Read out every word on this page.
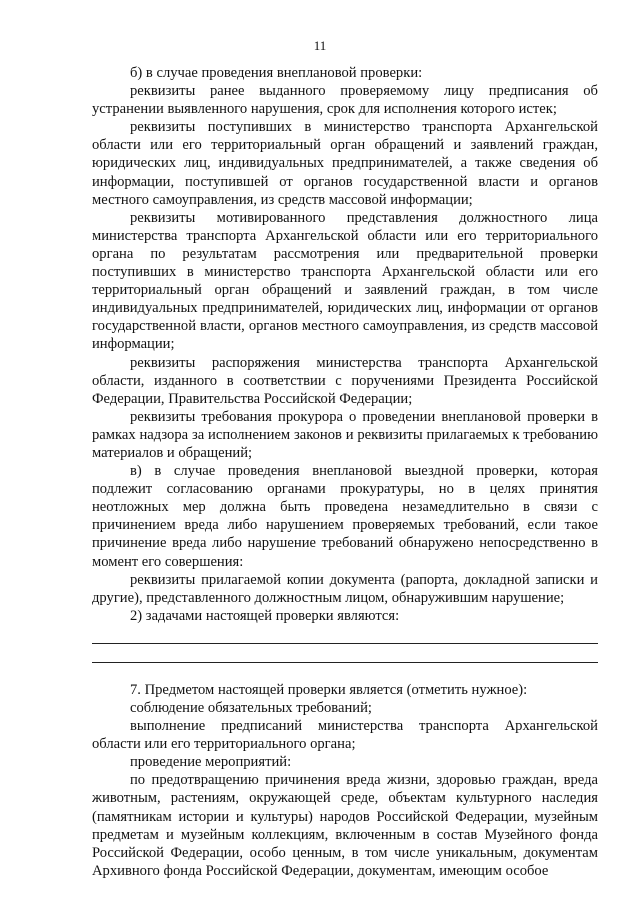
11

б) в случае проведения внеплановой проверки:

реквизиты ранее выданного проверяемому лицу предписания об устранении выявленного нарушения, срок для исполнения которого истек;

реквизиты поступивших в министерство транспорта Архангельской области или его территориальный орган обращений и заявлений граждан, юридических лиц, индивидуальных предпринимателей, а также сведения об информации, поступившей от органов государственной власти и органов местного самоуправления, из средств массовой информации;

реквизиты мотивированного представления должностного лица министерства транспорта Архангельской области или его территориального органа по результатам рассмотрения или предварительной проверки поступивших в министерство транспорта Архангельской области или его территориальный орган обращений и заявлений граждан, в том числе индивидуальных предпринимателей, юридических лиц, информации от органов государственной власти, органов местного самоуправления, из средств массовой информации;

реквизиты распоряжения министерства транспорта Архангельской области, изданного в соответствии с поручениями Президента Российской Федерации, Правительства Российской Федерации;

реквизиты требования прокурора о проведении внеплановой проверки в рамках надзора за исполнением законов и реквизиты прилагаемых к требованию материалов и обращений;

в) в случае проведения внеплановой выездной проверки, которая подлежит согласованию органами прокуратуры, но в целях принятия неотложных мер должна быть проведена незамедлительно в связи с причинением вреда либо нарушением проверяемых требований, если такое причинение вреда либо нарушение требований обнаружено непосредственно в момент его совершения:

реквизиты прилагаемой копии документа (рапорта, докладной записки и другие), представленного должностным лицом, обнаружившим нарушение;

2) задачами настоящей проверки являются:

7. Предметом настоящей проверки является (отметить нужное):

соблюдение обязательных требований;

выполнение предписаний министерства транспорта Архангельской области или его территориального органа;

проведение мероприятий:

по предотвращению причинения вреда жизни, здоровью граждан, вреда животным, растениям, окружающей среде, объектам культурного наследия (памятникам истории и культуры) народов Российской Федерации, музейным предметам и музейным коллекциям, включенным в состав Музейного фонда Российской Федерации, особо ценным, в том числе уникальным, документам Архивного фонда Российской Федерации, документам, имеющим особое
